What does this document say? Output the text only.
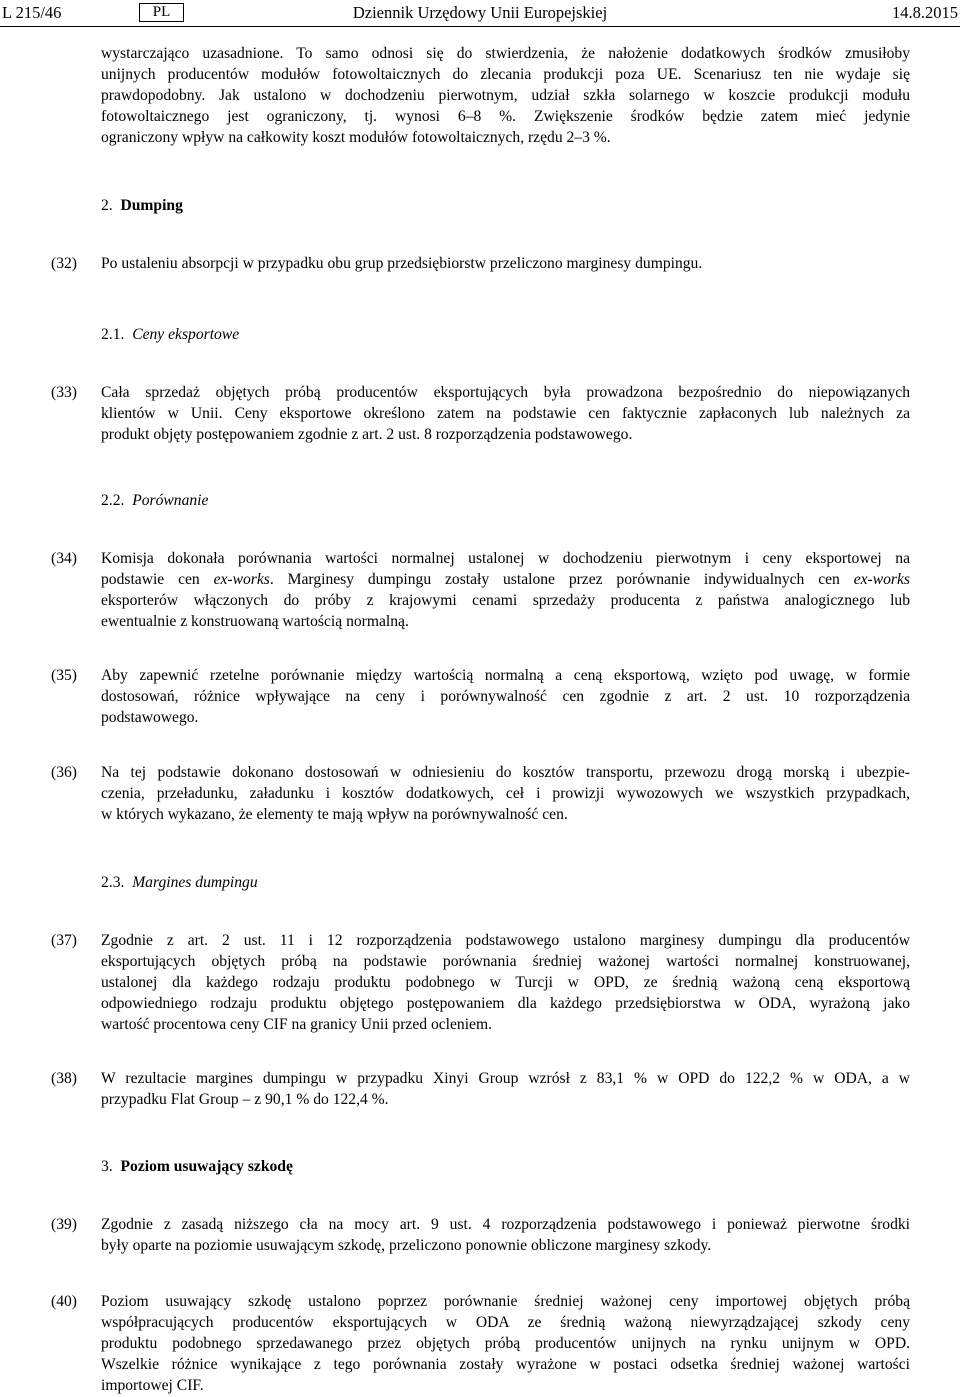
L 215/46	PL	Dziennik Urzędowy Unii Europejskiej	14.8.2015
wystarczająco uzasadnione. To samo odnosi się do stwierdzenia, że nałożenie dodatkowych środków zmusiłoby
unijnych producentów modułów fotowoltaicznych do zlecania produkcji poza UE. Scenariusz ten nie wydaje się
prawdopodobny. Jak ustalono w dochodzeniu pierwotnym, udział szkła solarnego w koszcie produkcji modułu
fotowoltaicznego jest ograniczony, tj. wynosi 6–8 %. Zwiększenie środków będzie zatem mieć jedynie
ograniczony wpływ na całkowity koszt modułów fotowoltaicznych, rzędu 2–3 %.
2. Dumping
(32) Po ustaleniu absorpcji w przypadku obu grup przedsiębiorstw przeliczono marginesy dumpingu.
2.1. Ceny eksportowe
(33) Cała sprzedaż objętych próbą producentów eksportujących była prowadzona bezpośrednio do niepowiązanych
klientów w Unii. Ceny eksportowe określono zatem na podstawie cen faktycznie zapłaconych lub należnych za
produkt objęty postępowaniem zgodnie z art. 2 ust. 8 rozporządzenia podstawowego.
2.2. Porównanie
(34) Komisja dokonała porównania wartości normalnej ustalonej w dochodzeniu pierwotnym i ceny eksportowej na
podstawie cen ex-works. Marginesy dumpingu zostały ustalone przez porównanie indywidualnych cen ex-works
eksporterów włączonych do próby z krajowymi cenami sprzedaży producenta z państwa analogicznego lub
ewentualnie z konstruowaną wartością normalną.
(35) Aby zapewnić rzetelne porównanie między wartością normalną a ceną eksportową, wzięto pod uwagę, w formie
dostosowań, różnice wpływające na ceny i porównywalność cen zgodnie z art. 2 ust. 10 rozporządzenia
podstawowego.
(36) Na tej podstawie dokonano dostosowań w odniesieniu do kosztów transportu, przewozu drogą morską i ubezpie-
czenia, przeładunku, załadunku i kosztów dodatkowych, ceł i prowizji wywozowych we wszystkich przypadkach,
w których wykazano, że elementy te mają wpływ na porównywalność cen.
2.3. Margines dumpingu
(37) Zgodnie z art. 2 ust. 11 i 12 rozporządzenia podstawowego ustalono marginesy dumpingu dla producentów
eksportujących objętych próbą na podstawie porównania średniej ważonej wartości normalnej konstruowanej,
ustalonej dla każdego rodzaju produktu podobnego w Turcji w OPD, ze średnią ważoną ceną eksportową
odpowiedniego rodzaju produktu objętego postępowaniem dla każdego przedsiębiorstwa w ODA, wyrażoną jako
wartość procentowa ceny CIF na granicy Unii przed ocleniem.
(38) W rezultacie margines dumpingu w przypadku Xinyi Group wzrósł z 83,1 % w OPD do 122,2 % w ODA, a w
przypadku Flat Group – z 90,1 % do 122,4 %.
3. Poziom usuwający szkodę
(39) Zgodnie z zasadą niższego cła na mocy art. 9 ust. 4 rozporządzenia podstawowego i ponieważ pierwotne środki
były oparte na poziomie usuwającym szkodę, przeliczono ponownie obliczone marginesy szkody.
(40) Poziom usuwający szkodę ustalono poprzez porównanie średniej ważonej ceny importowej objętych próbą
współpracujących producentów eksportujących w ODA ze średnią ważoną niewyrządzającej szkody ceny
produktu podobnego sprzedawanego przez objętych próbą producentów unijnych na rynku unijnym w OPD.
Wszelkie różnice wynikające z tego porównania zostały wyrażone w postaci odsetka średniej ważonej wartości
importowej CIF.
